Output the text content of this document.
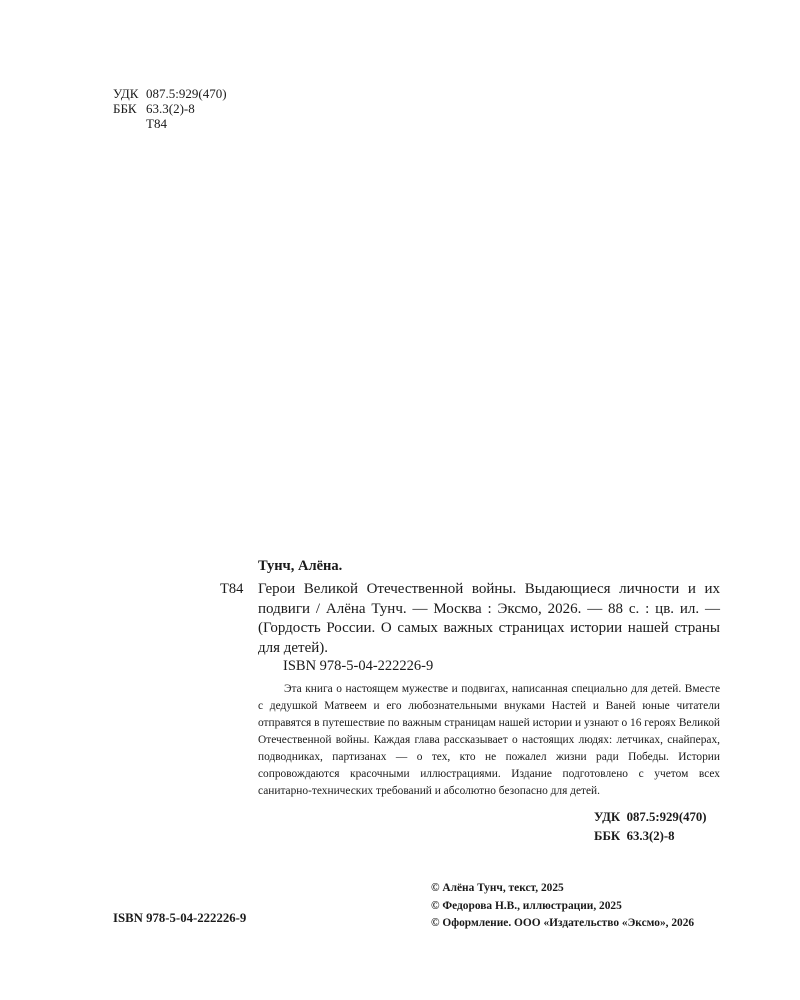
УДК 087.5:929(470)
ББК 63.3(2)-8
Т84
Тунч, Алёна.
Т84 Герои Великой Отечественной войны. Выдающиеся личности и их подвиги / Алёна Тунч. — Москва : Эксмо, 2026. — 88 с. : цв. ил. — (Гордость России. О самых важных страницах истории нашей страны для детей).
ISBN 978-5-04-222226-9
Эта книга о настоящем мужестве и подвигах, написанная специально для детей. Вместе с дедушкой Матвеем и его любознательными внуками Настей и Ваней юные читатели отправятся в путешествие по важным страницам нашей истории и узнают о 16 героях Великой Отечественной войны. Каждая глава рассказывает о настоящих людях: летчиках, снайперах, подводниках, партизанах — о тех, кто не пожалел жизни ради Победы. Истории сопровождаются красочными иллюстрациями. Издание подготовлено с учетом всех санитарно-технических требований и абсолютно безопасно для детей.
УДК  087.5:929(470)
ББК  63.3(2)-8
© Алёна Тунч, текст, 2025
© Федорова Н.В., иллюстрации, 2025
© Оформление. ООО «Издательство «Эксмо», 2026
ISBN 978-5-04-222226-9
